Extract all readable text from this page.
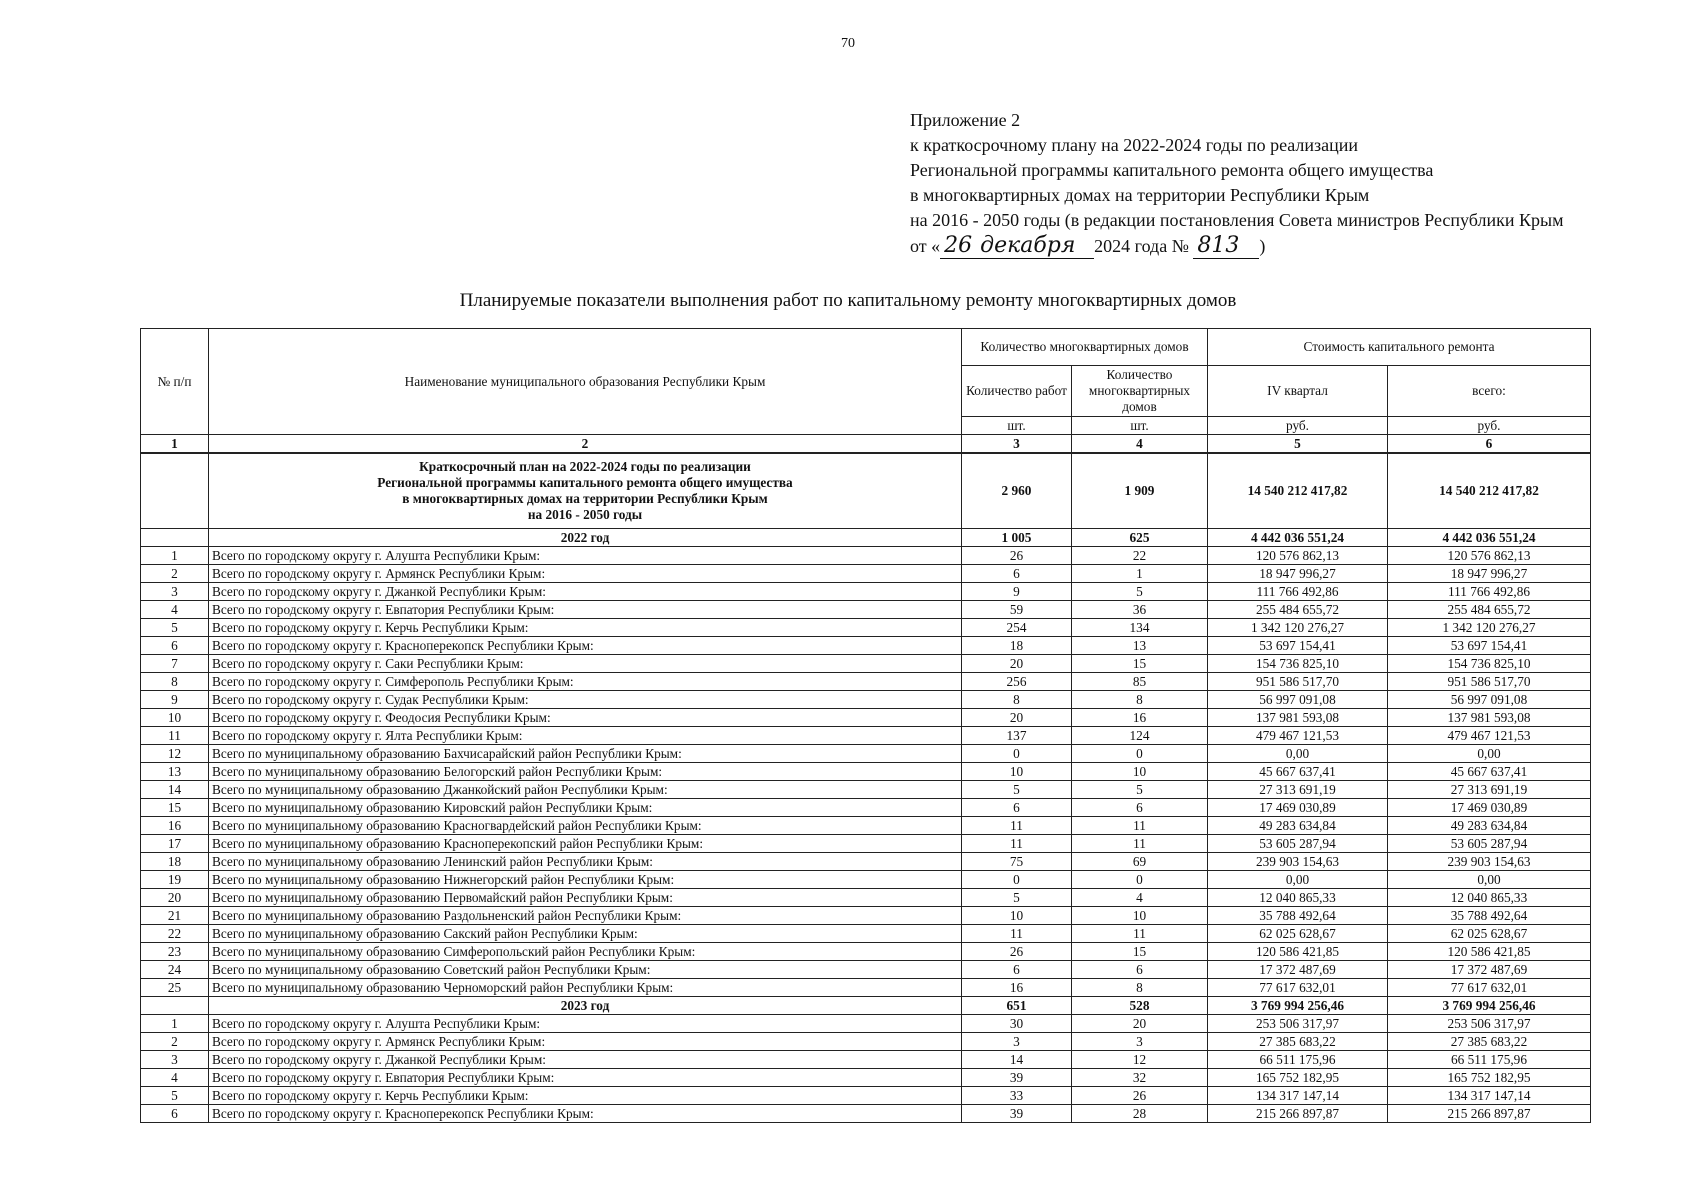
70
Приложение 2
к краткосрочному плану на 2022-2024 годы по реализации
Региональной программы капитального ремонта общего имущества
в многоквартирных домах на территории Республики Крым
на 2016 - 2050 годы (в редакции постановления Совета министров Республики Крым
от « 26 декабря 2024 года № 813 )
Планируемые показатели выполнения работ по капитальному ремонту многоквартирных домов
№ п/п	Наименование муниципального образования Республики Крым	Количество многоквартирных домов		Стоимость капитального ремонта	
		Количество работ	Количество многоквартирных домов	IV квартал	всего:
		шт.	шт.	руб.	руб.
1	2	3	4	5	6

	Краткосрочный план на 2022-2024 годы по реализации
Региональной программы капитального ремонта общего имущества
в многоквартирных домах на территории Республики Крым
на 2016 - 2050 годы	2 960	1 909	14 540 212 417,82	14 540 212 417,82
	2022 год	1 005	625	4 442 036 551,24	4 442 036 551,24
1	Всего по городскому округу г. Алушта Республики Крым:	26	22	120 576 862,13	120 576 862,13
2	Всего по городскому округу г. Армянск Республики Крым:	6	1	18 947 996,27	18 947 996,27
3	Всего по городскому округу г. Джанкой Республики Крым:	9	5	111 766 492,86	111 766 492,86
4	Всего по городскому округу г. Евпатория Республики Крым:	59	36	255 484 655,72	255 484 655,72
5	Всего по городскому округу г. Керчь Республики Крым:	254	134	1 342 120 276,27	1 342 120 276,27
6	Всего по городскому округу г. Красноперекопск Республики Крым:	18	13	53 697 154,41	53 697 154,41
7	Всего по городскому округу г. Саки Республики Крым:	20	15	154 736 825,10	154 736 825,10
8	Всего по городскому округу г. Симферополь Республики Крым:	256	85	951 586 517,70	951 586 517,70
9	Всего по городскому округу г. Судак Республики Крым:	8	8	56 997 091,08	56 997 091,08
10	Всего по городскому округу г. Феодосия Республики Крым:	20	16	137 981 593,08	137 981 593,08
11	Всего по городскому округу г. Ялта Республики Крым:	137	124	479 467 121,53	479 467 121,53
12	Всего по муниципальному образованию Бахчисарайский район Республики Крым:	0	0	0,00	0,00
13	Всего по муниципальному образованию Белогорский район Республики Крым:	10	10	45 667 637,41	45 667 637,41
14	Всего по муниципальному образованию Джанкойский район Республики Крым:	5	5	27 313 691,19	27 313 691,19
15	Всего по муниципальному образованию Кировский район Республики Крым:	6	6	17 469 030,89	17 469 030,89
16	Всего по муниципальному образованию Красногвардейский район Республики Крым:	11	11	49 283 634,84	49 283 634,84
17	Всего по муниципальному образованию Красноперекопский район Республики Крым:	11	11	53 605 287,94	53 605 287,94
18	Всего по муниципальному образованию Ленинский район Республики Крым:	75	69	239 903 154,63	239 903 154,63
19	Всего по муниципальному образованию Нижнегорский район Республики Крым:	0	0	0,00	0,00
20	Всего по муниципальному образованию Первомайский район Республики Крым:	5	4	12 040 865,33	12 040 865,33
21	Всего по муниципальному образованию Раздольненский район Республики Крым:	10	10	35 788 492,64	35 788 492,64
22	Всего по муниципальному образованию Сакский район Республики Крым:	11	11	62 025 628,67	62 025 628,67
23	Всего по муниципальному образованию Симферопольский район Республики Крым:	26	15	120 586 421,85	120 586 421,85
24	Всего по муниципальному образованию Советский район Республики Крым:	6	6	17 372 487,69	17 372 487,69
25	Всего по муниципальному образованию Черноморский район Республики Крым:	16	8	77 617 632,01	77 617 632,01
	2023 год	651	528	3 769 994 256,46	3 769 994 256,46
1	Всего по городскому округу г. Алушта Республики Крым:	30	20	253 506 317,97	253 506 317,97
2	Всего по городскому округу г. Армянск Республики Крым:	3	3	27 385 683,22	27 385 683,22
3	Всего по городскому округу г. Джанкой Республики Крым:	14	12	66 511 175,96	66 511 175,96
4	Всего по городскому округу г. Евпатория Республики Крым:	39	32	165 752 182,95	165 752 182,95
5	Всего по городскому округу г. Керчь Республики Крым:	33	26	134 317 147,14	134 317 147,14
6	Всего по городскому округу г. Красноперекопск Республики Крым:	39	28	215 266 897,87	215 266 897,87
